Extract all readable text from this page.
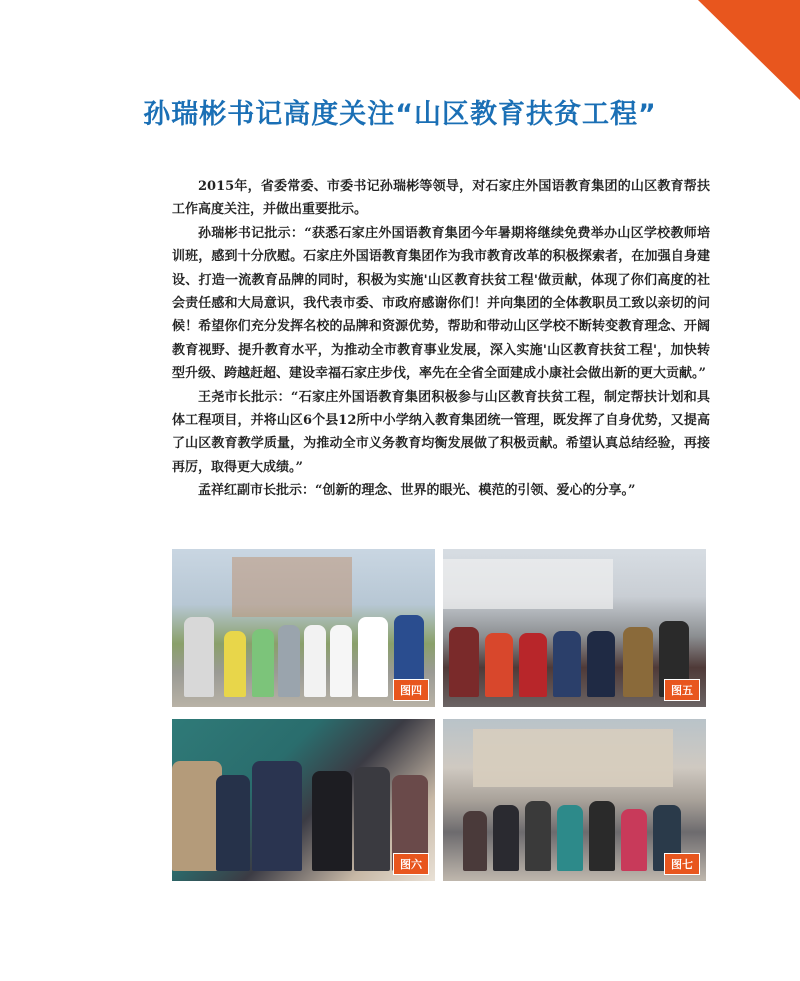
孙瑞彬书记高度关注“山区教育扶贫工程”

2015年，省委常委、市委书记孙瑞彬等领导，对石家庄外国语教育集团的山区教育帮扶工作高度关注，并做出重要批示。

孙瑞彬书记批示：“获悉石家庄外国语教育集团今年暑期将继续免费举办山区学校教师培训班，感到十分欣慰。石家庄外国语教育集团作为我市教育改革的积极探索者，在加强自身建设、打造一流教育品牌的同时，积极为实施'山区教育扶贫工程'做贡献，体现了你们高度的社会责任感和大局意识，我代表市委、市政府感谢你们！并向集团的全体教职员工致以亲切的问候！希望你们充分发挥名校的品牌和资源优势，帮助和带动山区学校不断转变教育理念、开阔教育视野、提升教育水平，为推动全市教育事业发展，深入实施'山区教育扶贫工程'，加快转型升级、跨越赶超、建设幸福石家庄步伐，率先在全省全面建成小康社会做出新的更大贡献。”

王尧市长批示：“石家庄外国语教育集团积极参与山区教育扶贫工程，制定帮扶计划和具体工程项目，并将山区6个县12所中小学纳入教育集团统一管理，既发挥了自身优势，又提高了山区教育教学质量，为推动全市义务教育均衡发展做了积极贡献。希望认真总结经验，再接再厉，取得更大成绩。”

孟祥红副市长批示：“创新的理念、世界的眼光、模范的引领、爱心的分享。”

图四	图五
图六	图七
